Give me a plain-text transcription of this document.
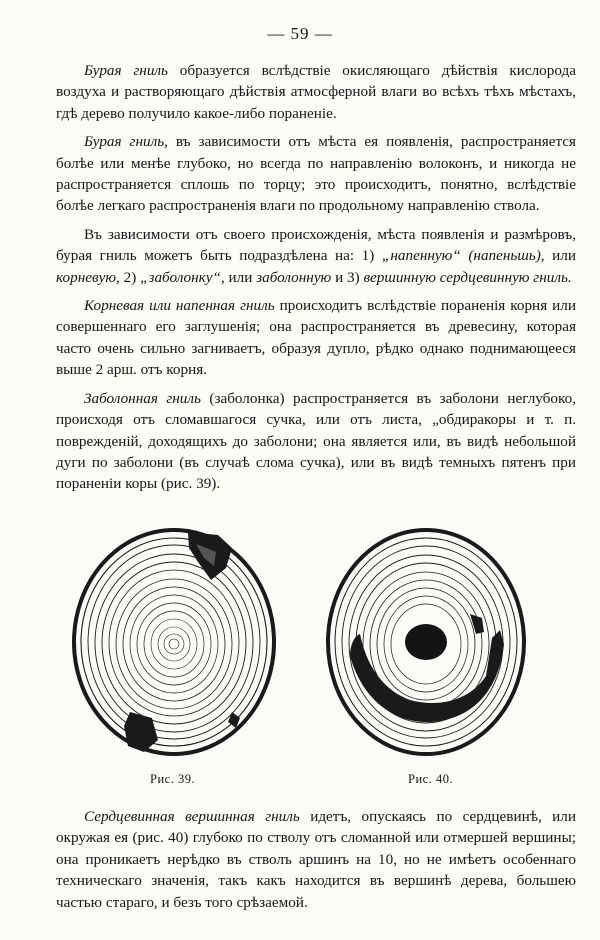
— 59 —

Бурая гниль образуется вслѣдствіе окисляющаго дѣйствія кислорода воздуха и растворяющаго дѣйствія атмосферной влаги во всѣхъ тѣхъ мѣстахъ, гдѣ дерево получило какое-либо пораненіе.

Бурая гниль, въ зависимости отъ мѣста ея появленія, распространяется болѣе или менѣе глубоко, но всегда по направленію волоконъ, и никогда не распространяется сплошь по торцу; это происходитъ, понятно, вслѣдствіе болѣе легкаго распространенія влаги по продольному направленію ствола.

Въ зависимости отъ своего происхожденія, мѣста появленія и размѣровъ, бурая гниль можетъ быть подраздѣлена на: 1) „напенную“ (напеньшь), или корневую, 2) „заболонку“, или заболонную и 3) вершинную сердцевинную гниль.

Корневая или напенная гниль происходитъ вслѣдствіе пораненія корня или совершеннаго его заглушенія; она распространяется въ древесину, которая часто очень сильно загниваетъ, образуя дупло, рѣдко однако поднимающееся выше 2 арш. отъ корня.

Заболонная гниль (заболонка) распространяется въ заболони неглубоко, происходя отъ сломавшагося сучка, или отъ листа, „обдиракоры и т. п. поврежденій, доходящихъ до заболони; она является или, въ видѣ небольшой дуги по заболони (въ случаѣ слома сучка), или въ видѣ темныхъ пятенъ при пораненіи коры (рис. 39).

Рис. 39.	Рис. 40.

Сердцевинная вершинная гниль идетъ, опускаясь по сердцевинѣ, или окружая ея (рис. 40) глубоко по стволу отъ сломанной или отмершей вершины; она проникаетъ нерѣдко въ стволъ аршинъ на 10, но не имѣетъ особеннаго техническаго значенія, такъ какъ находится въ вершинѣ дерева, большею частью стараго, и безъ того срѣзаемой.
